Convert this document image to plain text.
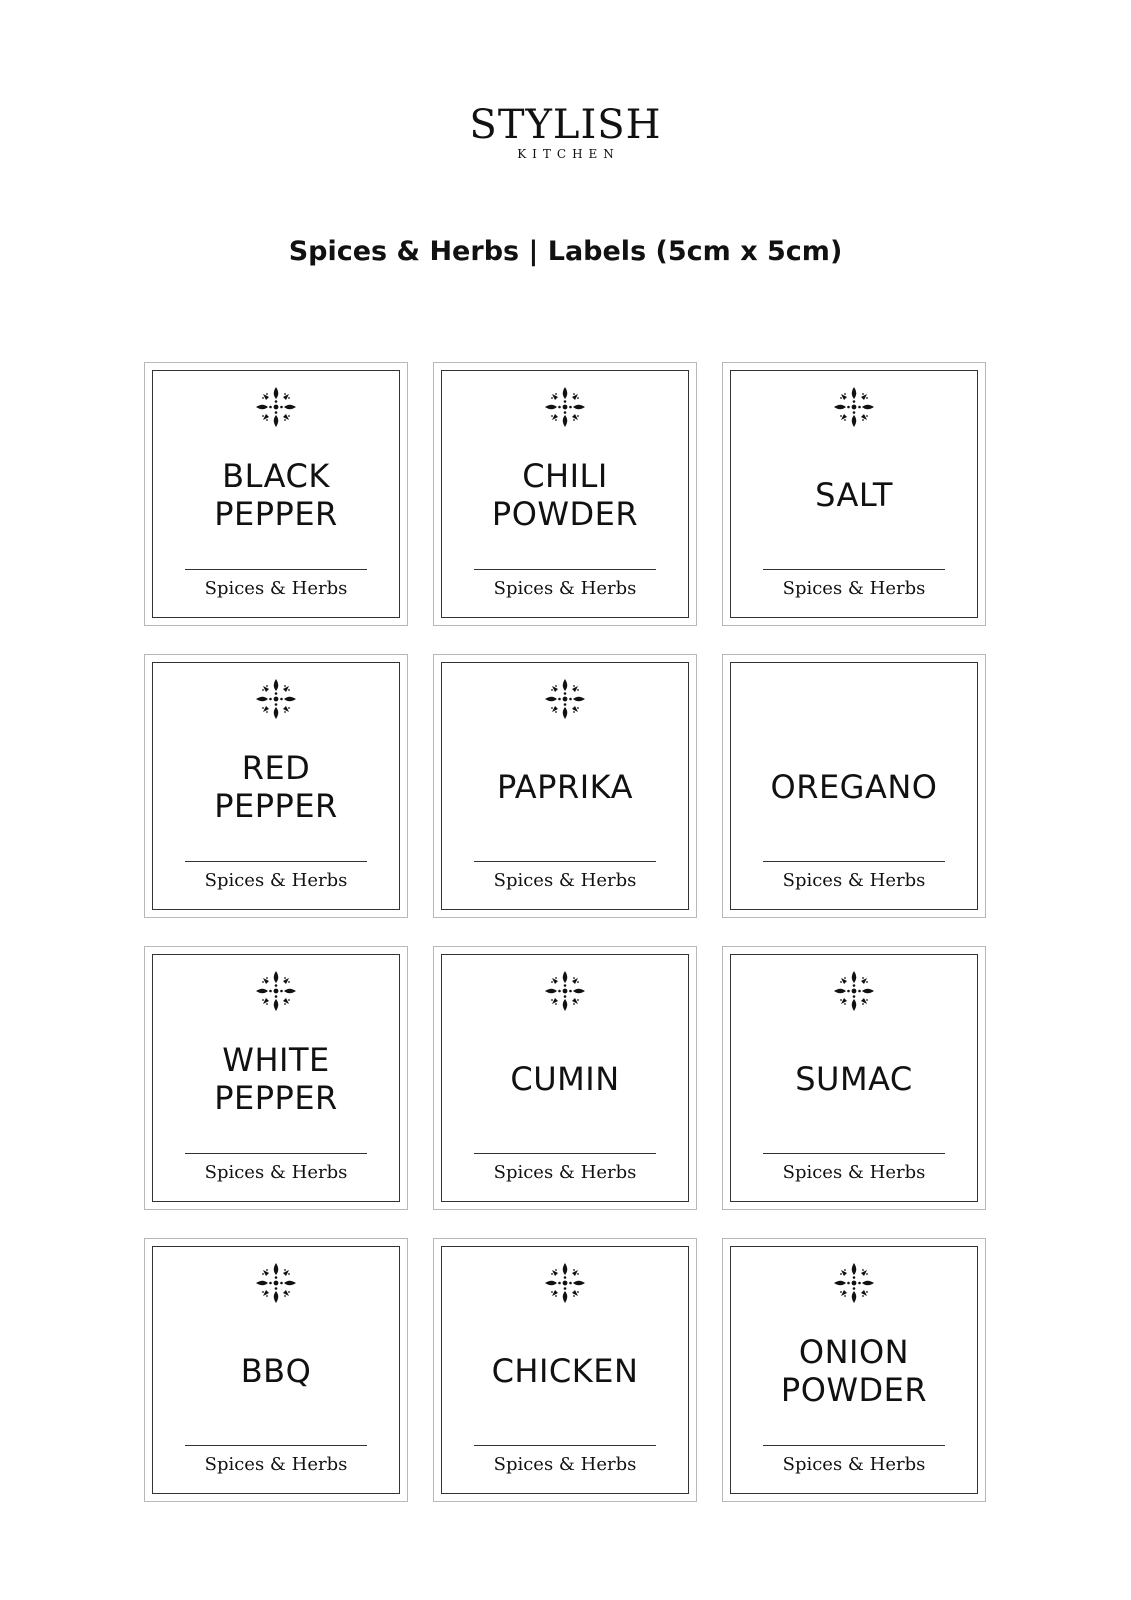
STYLISH
KITCHEN
Spices & Herbs | Labels (5cm x 5cm)
BLACK
PEPPER
Spices & Herbs
CHILI
POWDER
Spices & Herbs
SALT
Spices & Herbs
RED
PEPPER
Spices & Herbs
PAPRIKA
Spices & Herbs
OREGANO
Spices & Herbs
WHITE
PEPPER
Spices & Herbs
CUMIN
Spices & Herbs
SUMAC
Spices & Herbs
BBQ
Spices & Herbs
CHICKEN
Spices & Herbs
ONION
POWDER
Spices & Herbs
